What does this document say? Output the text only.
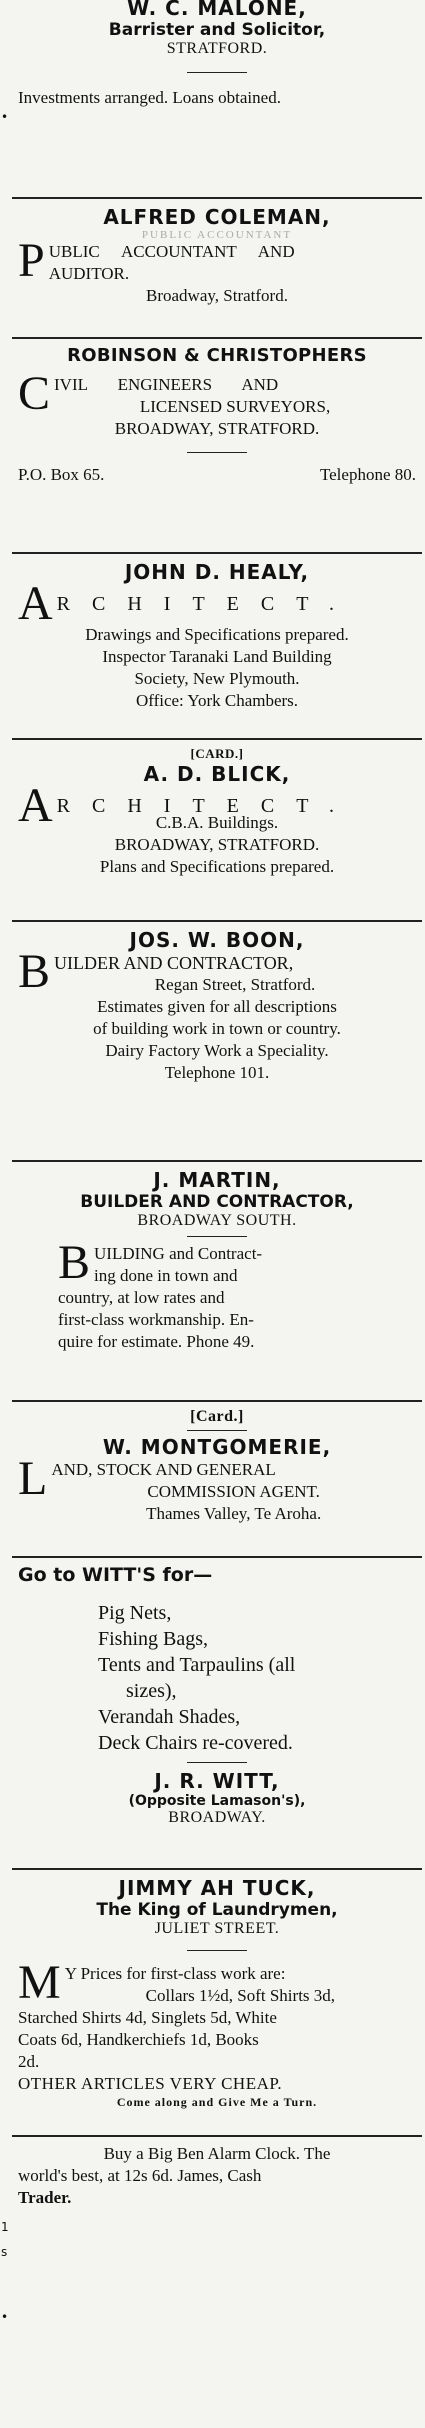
•
1
s
•
W. C. MALONE,
Barrister and Solicitor,
STRATFORD.
Investments arranged. Loans obtained.
ALFRED COLEMAN,
PUBLIC ACCOUNTANT
P UBLIC ACCOUNTANT AND
AUDITOR.
Broadway, Stratford.
ROBINSON & CHRISTOPHERS
C IVIL ENGINEERS AND
LICENSED SURVEYORS,
BROADWAY, STRATFORD.
P.O. Box 65.	Telephone 80.
JOHN D. HEALY,
A RCHITECT.
Drawings and Specifications prepared.
Inspector Taranaki Land Building
Society, New Plymouth.
Office: York Chambers.
[CARD.]
A. D. BLICK,
A RCHITECT.
C.B.A. Buildings.
BROADWAY, STRATFORD.
Plans and Specifications prepared.
JOS. W. BOON,
B UILDER AND CONTRACTOR,
Regan Street, Stratford.
Estimates given for all descriptions
of building work in town or country.
Dairy Factory Work a Speciality.
Telephone 101.
J. MARTIN,
BUILDER AND CONTRACTOR,
BROADWAY SOUTH.
B UILDING and Contract-
ing done in town and
country, at low rates and
first-class workmanship. En-
quire for estimate. Phone 49.
[Card.]
W. MONTGOMERIE,
L AND, STOCK AND GENERAL
COMMISSION AGENT.
Thames Valley, Te Aroha.
Go to WITT'S for—
Pig Nets,
Fishing Bags,
Tents and Tarpaulins (all
sizes),
Verandah Shades,
Deck Chairs re-covered.
J. R. WITT,
(Opposite Lamason's),
BROADWAY.
JIMMY AH TUCK,
The King of Laundrymen,
JULIET STREET.
M Y Prices for first-class work are:
Collars 1½d, Soft Shirts 3d,
Starched Shirts 4d, Singlets 5d, White
Coats 6d, Handkerchiefs 1d, Books
2d.
OTHER ARTICLES VERY CHEAP.
Come along and Give Me a Turn.
Buy a Big Ben Alarm Clock. The
world's best, at 12s 6d. James, Cash
Trader.
